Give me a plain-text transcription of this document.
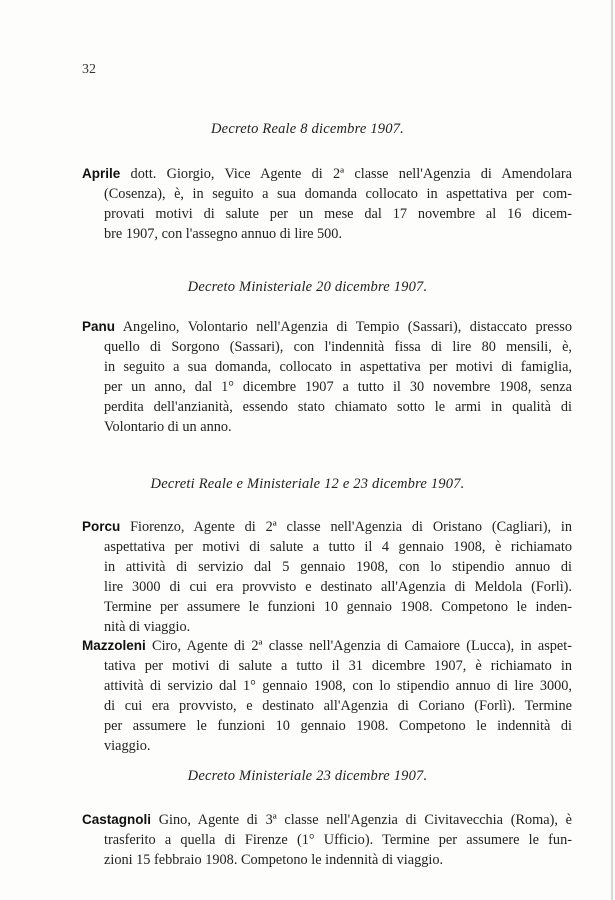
32
Decreto Reale 8 dicembre 1907.
Aprile dott. Giorgio, Vice Agente di 2ª classe nell'Agenzia di Amendolara
(Cosenza), è, in seguito a sua domanda collocato in aspettativa per com-
provati motivi di salute per un mese dal 17 novembre al 16 dicem-
bre 1907, con l'assegno annuo di lire 500.
Decreto Ministeriale 20 dicembre 1907.
Panu Angelino, Volontario nell'Agenzia di Tempio (Sassari), distaccato presso
quello di Sorgono (Sassari), con l'indennità fissa di lire 80 mensili, è,
in seguito a sua domanda, collocato in aspettativa per motivi di famiglia,
per un anno, dal 1° dicembre 1907 a tutto il 30 novembre 1908, senza
perdita dell'anzianità, essendo stato chiamato sotto le armi in qualità di
Volontario di un anno.
Decreti Reale e Ministeriale 12 e 23 dicembre 1907.
Porcu Fiorenzo, Agente di 2ª classe nell'Agenzia di Oristano (Cagliari), in
aspettativa per motivi di salute a tutto il 4 gennaio 1908, è richiamato
in attività di servizio dal 5 gennaio 1908, con lo stipendio annuo di
lire 3000 di cui era provvisto e destinato all'Agenzia di Meldola (Forlì).
Termine per assumere le funzioni 10 gennaio 1908. Competono le inden-
nità di viaggio.
Mazzoleni Ciro, Agente di 2ª classe nell'Agenzia di Camaiore (Lucca), in aspet-
tativa per motivi di salute a tutto il 31 dicembre 1907, è richiamato in
attività di servizio dal 1° gennaio 1908, con lo stipendio annuo di lire 3000,
di cui era provvisto, e destinato all'Agenzia di Coriano (Forlì). Termine
per assumere le funzioni 10 gennaio 1908. Competono le indennità di
viaggio.
Decreto Ministeriale 23 dicembre 1907.
Castagnoli Gino, Agente di 3ª classe nell'Agenzia di Civitavecchia (Roma), è
trasferito a quella di Firenze (1° Ufficio). Termine per assumere le fun-
zioni 15 febbraio 1908. Competono le indennità di viaggio.
